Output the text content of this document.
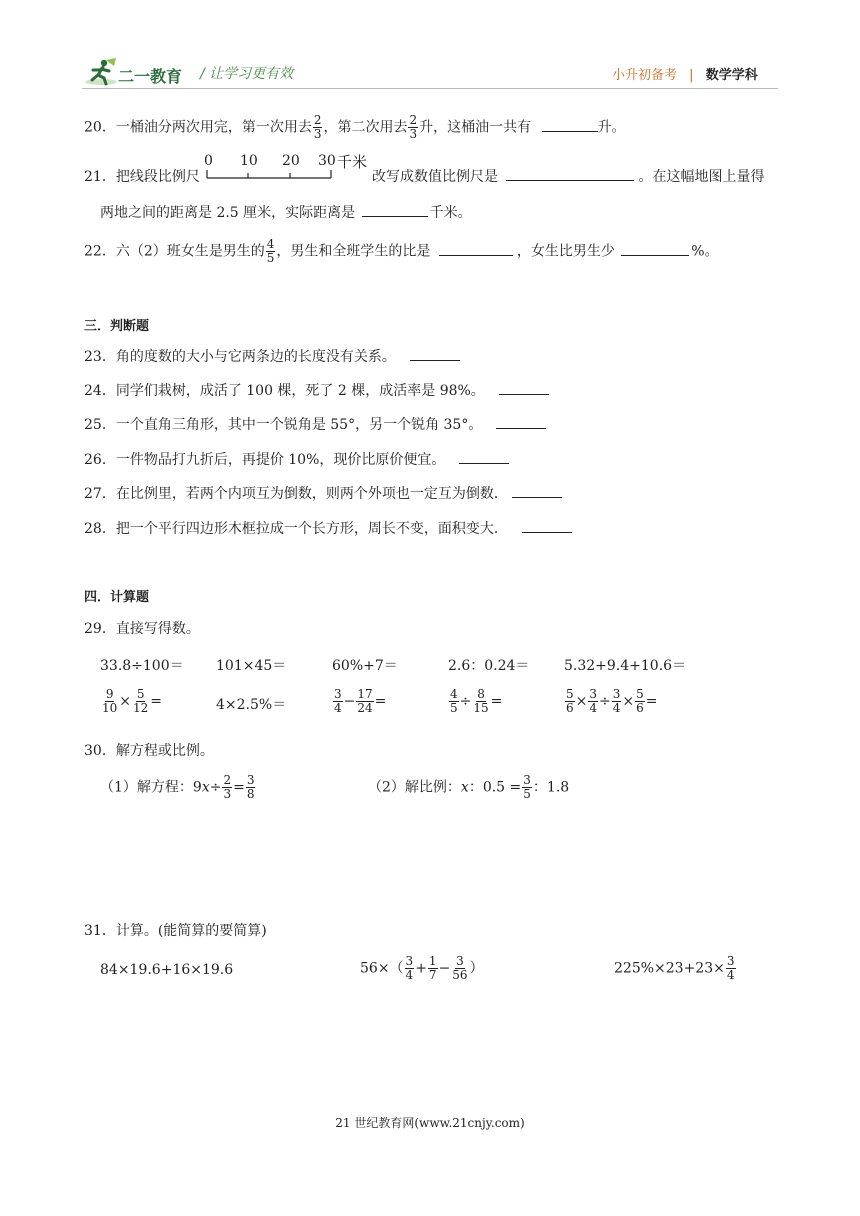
二一教育 / 让学习更有效	小升初备考 | 数学学科
20．一桶油分两次用完，第一次用去 $\frac{2}{3}$ ，第二次用去 $\frac{2}{3}$ 升，这桶油一共有	升。
21．把线段比例尺
0 10 20 30 千米
改写成数值比例尺是	。在这幅地图上量得
两地之间的距离是 2.5 厘米，实际距离是	千米。
22．六（2）班女生是男生的 $\frac{4}{5}$ ，男生和全班学生的比是	，女生比男生少	%。
三．判断题
23．角的度数的大小与它两条边的长度没有关系。
24．同学们栽树，成活了 100 棵，死了 2 棵，成活率是 98%。
25．一个直角三角形，其中一个锐角是 55°，另一个锐角 35°。
26．一件物品打九折后，再提价 10%，现价比原价便宜。
27．在比例里，若两个内项互为倒数，则两个外项也一定互为倒数．
28．把一个平行四边形木框拉成一个长方形，周长不变，面积变大．
四．计算题
29．直接写得数。
33.8÷100＝ 101×45＝	60%+7＝	2.6：0.24＝ 5.32+9.4+10.6＝
$\frac{9}{10} \times \frac{5}{12}$ =	4×2.5%＝	$\frac{3}{4} - \frac{17}{24}$ =	$\frac{4}{5} \div \frac{8}{15}$ =	$\frac{5}{6} \times \frac{3}{4} \div \frac{3}{4} \times \frac{5}{6}$ =
30．解方程或比例。
（1）解方程：$9x\div \frac{2}{3} = \frac{3}{8}$	（2）解比例：x：$0.5 = \frac{3}{5}$ ：1.8
31．计算。(能简算的要简算)
84×19.6+16×19.6	$56\times( \frac{3}{4} + \frac{1}{7} - \frac{3}{56}$ ）	$225\%\times 23+23\times \frac{3}{4}$
21 世纪教育网(www.21cnjy.com)
